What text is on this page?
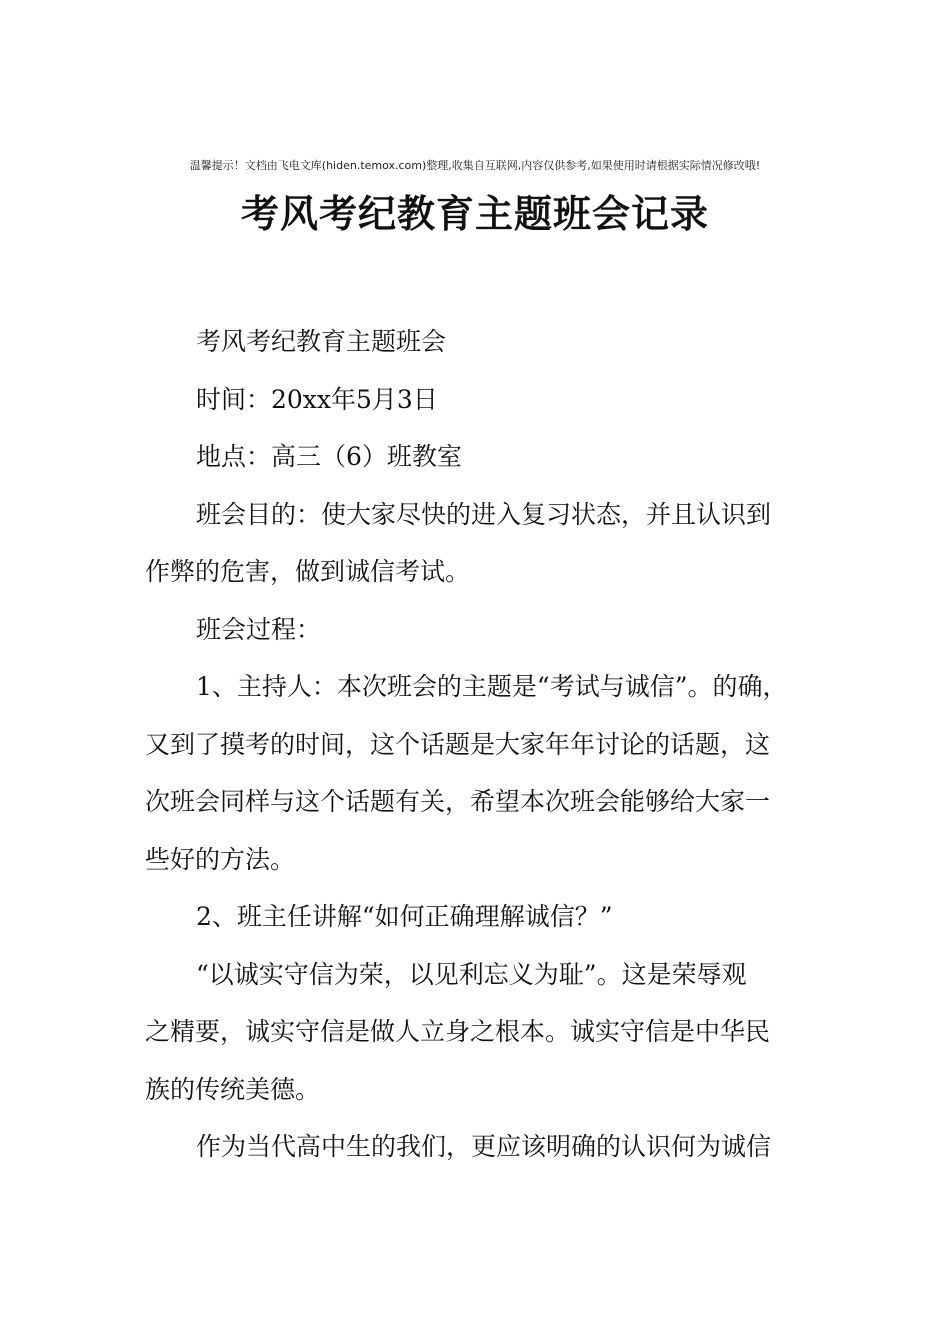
温馨提示！文档由飞电文库(hiden.temox.com)整理,收集自互联网,内容仅供参考,如果使用时请根据实际情况修改哦!
考风考纪教育主题班会记录

考风考纪教育主题班会

时间：20xx年5月3日

地点：高三（6）班教室

班会目的：使大家尽快的进入复习状态，并且认识到
作弊的危害，做到诚信考试。

班会过程：

1、主持人：本次班会的主题是“考试与诚信”。的确，
又到了摸考的时间，这个话题是大家年年讨论的话题，这
次班会同样与这个话题有关，希望本次班会能够给大家一
些好的方法。

2、班主任讲解“如何正确理解诚信？”

“以诚实守信为荣，以见利忘义为耻”。这是荣辱观
之精要，诚实守信是做人立身之根本。诚实守信是中华民
族的传统美德。

作为当代高中生的我们，更应该明确的认识何为诚信
